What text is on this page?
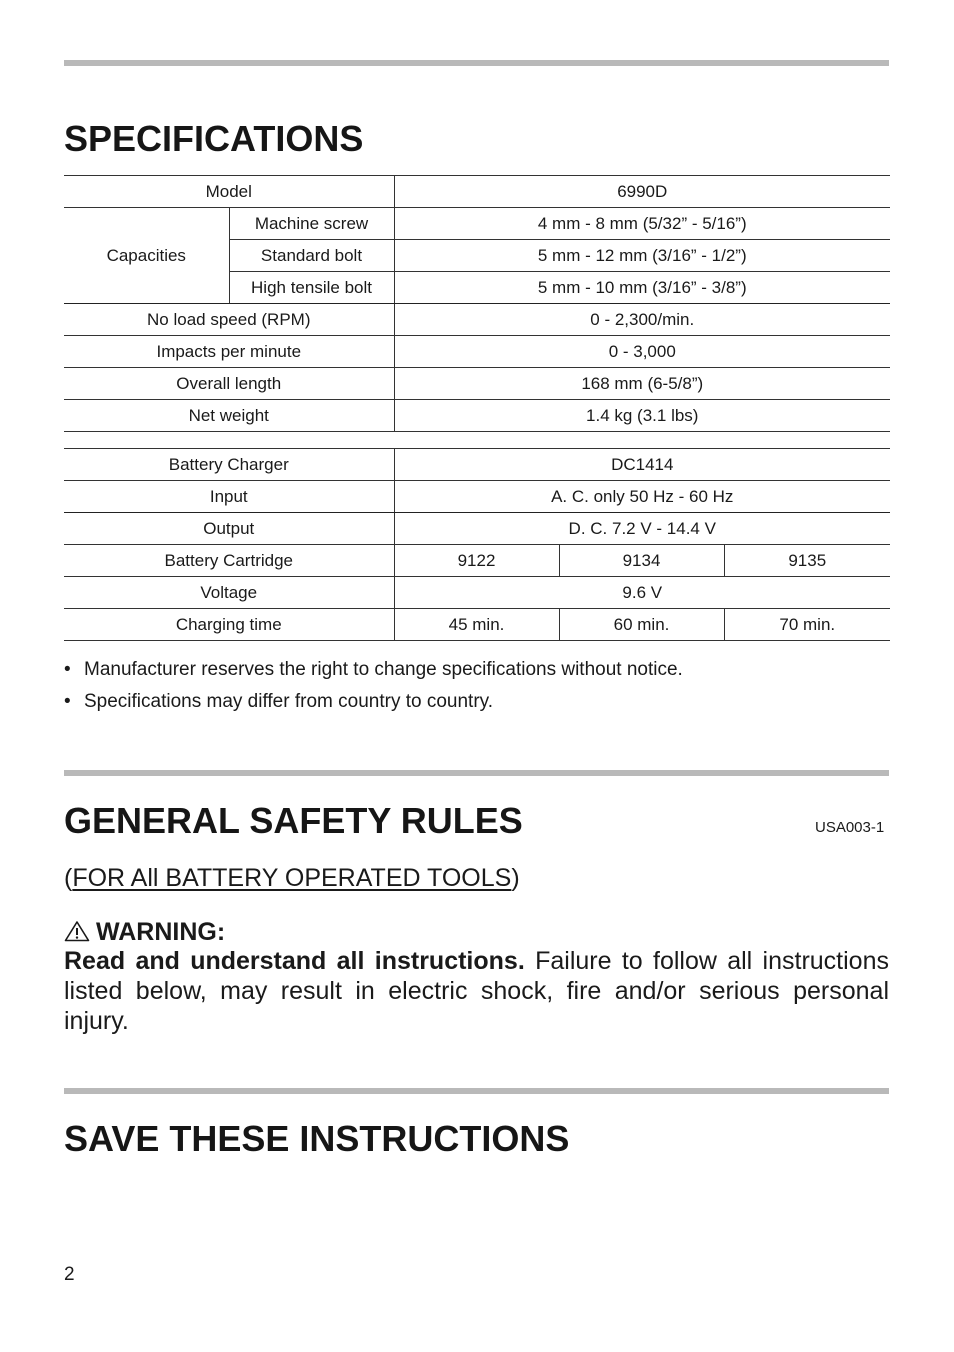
SPECIFICATIONS
Model		6990D
Capacities	Machine screw	4 mm - 8 mm (5/32” - 5/16”)
	Standard bolt	5 mm - 12 mm (3/16” - 1/2”)
	High tensile bolt	5 mm - 10 mm (3/16” - 3/8”)
No load speed (RPM)		0 - 2,300/min.
Impacts per minute		0 - 3,000
Overall length		168 mm (6-5/8”)
Net weight		1.4 kg (3.1 lbs)
Battery Charger	DC1414		
Input	A. C. only 50 Hz - 60 Hz		
Output	D. C. 7.2 V - 14.4 V		
Battery Cartridge	9122	9134	9135
Voltage	9.6 V		
Charging time	45 min.	60 min.	70 min.
• Manufacturer reserves the right to change specifications without notice.
• Specifications may differ from country to country.
GENERAL SAFETY RULES	USA003-1
(FOR All BATTERY OPERATED TOOLS)
WARNING:

Read and understand all instructions. Failure to follow all instructions listed below, may result in electric shock, fire and/or serious personal injury.

SAVE THESE INSTRUCTIONS
2
